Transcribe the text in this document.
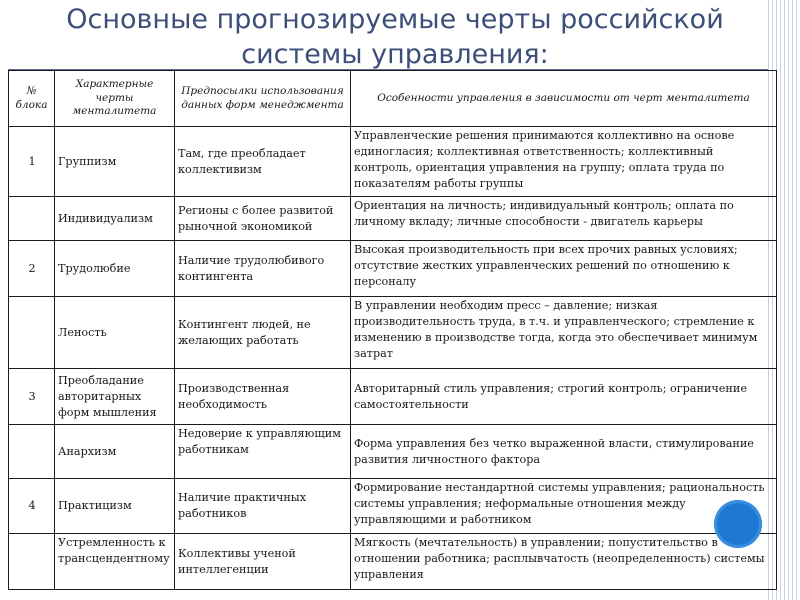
Основные прогнозируемые черты российской системы управления:
№ блока	Характерные черты менталитета	Предпосылки использования данных форм менеджмента	Особенности управления в зависимости от черт менталитета
1	Группизм	Там, где преобладает коллективизм	Управленческие решения принимаются коллективно на основе единогласия; коллективная ответственность; коллективный контроль, ориентация управления на группу; оплата труда по показателям работы группы
	Индивидуализм	Регионы с более развитой рыночной экономикой	Ориентация на личность; индивидуальный контроль; оплата по личному вкладу; личные способности - двигатель карьеры
2	Трудолюбие	Наличие трудолюбивого контингента	Высокая производительность при всех прочих равных условиях; отсутствие жестких управленческих решений по отношению к персоналу
	Леность	Контингент людей, не желающих работать	В управлении необходим пресс – давление; низкая производительность труда, в т.ч. и управленческого; стремление к изменению в производстве тогда, когда это обеспечивает минимум затрат
3	Преобладание авторитарных форм мышления	Производственная необходимость	Авторитарный стиль управления; строгий контроль; ограничение самостоятельности
	Анархизм	Недоверие к управляющим работникам	Форма управления без четко выраженной власти, стимулирование развития личностного фактора
4	Практицизм	Наличие практичных работников	Формирование нестандартной системы управления; рациональность системы управления; неформальные отношения между управляющими и работником
	Устремленность к трансцендентному	Коллективы ученой интеллегенции	Мягкость (мечтательность) в управлении; попустительство в отношении работника; расплывчатость (неопределенность) системы управления
